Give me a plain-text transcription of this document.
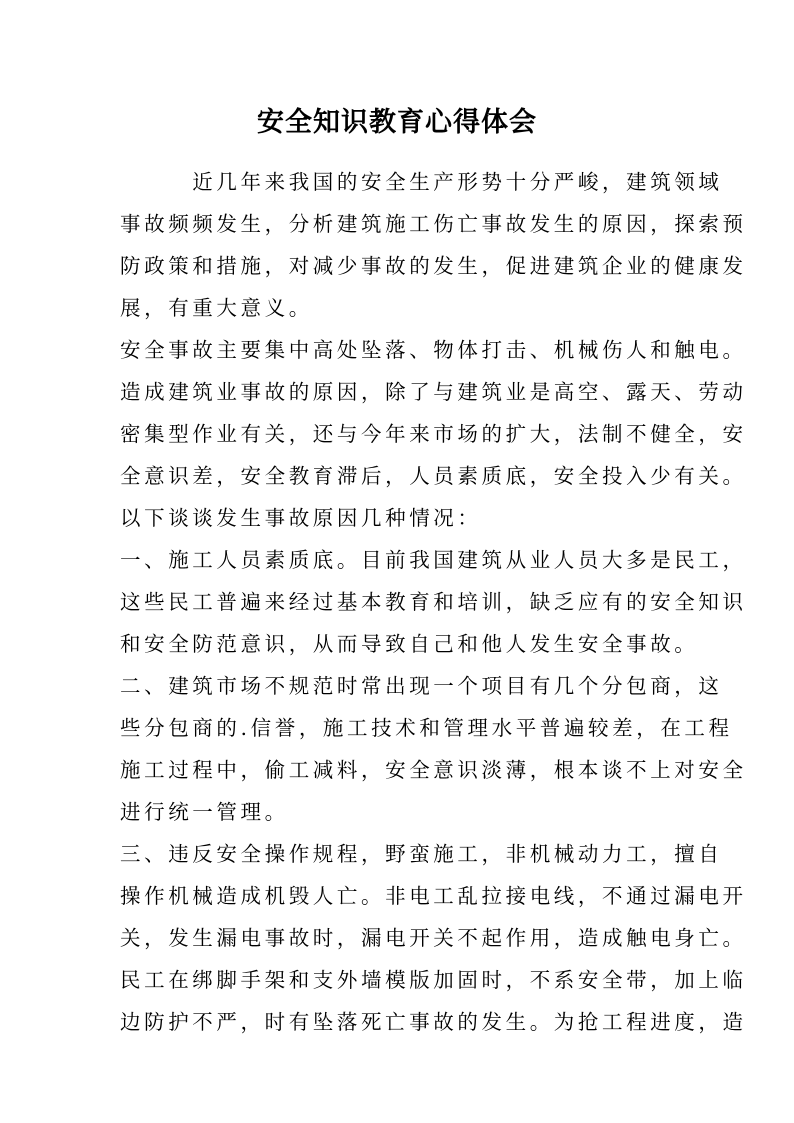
安全知识教育心得体会
　　　近几年来我国的安全生产形势十分严峻，建筑领域
事故频频发生，分析建筑施工伤亡事故发生的原因，探索预
防政策和措施，对减少事故的发生，促进建筑企业的健康发
展，有重大意义。
安全事故主要集中高处坠落、物体打击、机械伤人和触电。
造成建筑业事故的原因，除了与建筑业是高空、露天、劳动
密集型作业有关，还与今年来市场的扩大，法制不健全，安
全意识差，安全教育滞后，人员素质底，安全投入少有关。
以下谈谈发生事故原因几种情况：
一、施工人员素质底。目前我国建筑从业人员大多是民工，
这些民工普遍来经过基本教育和培训，缺乏应有的安全知识
和安全防范意识，从而导致自己和他人发生安全事故。
二、建筑市场不规范时常出现一个项目有几个分包商，这
些分包商的.信誉，施工技术和管理水平普遍较差，在工程
施工过程中，偷工减料，安全意识淡薄，根本谈不上对安全
进行统一管理。
三、违反安全操作规程，野蛮施工，非机械动力工，擅自
操作机械造成机毁人亡。非电工乱拉接电线，不通过漏电开
关，发生漏电事故时，漏电开关不起作用，造成触电身亡。
民工在绑脚手架和支外墙模版加固时，不系安全带，加上临
边防护不严，时有坠落死亡事故的发生。为抢工程进度，造
